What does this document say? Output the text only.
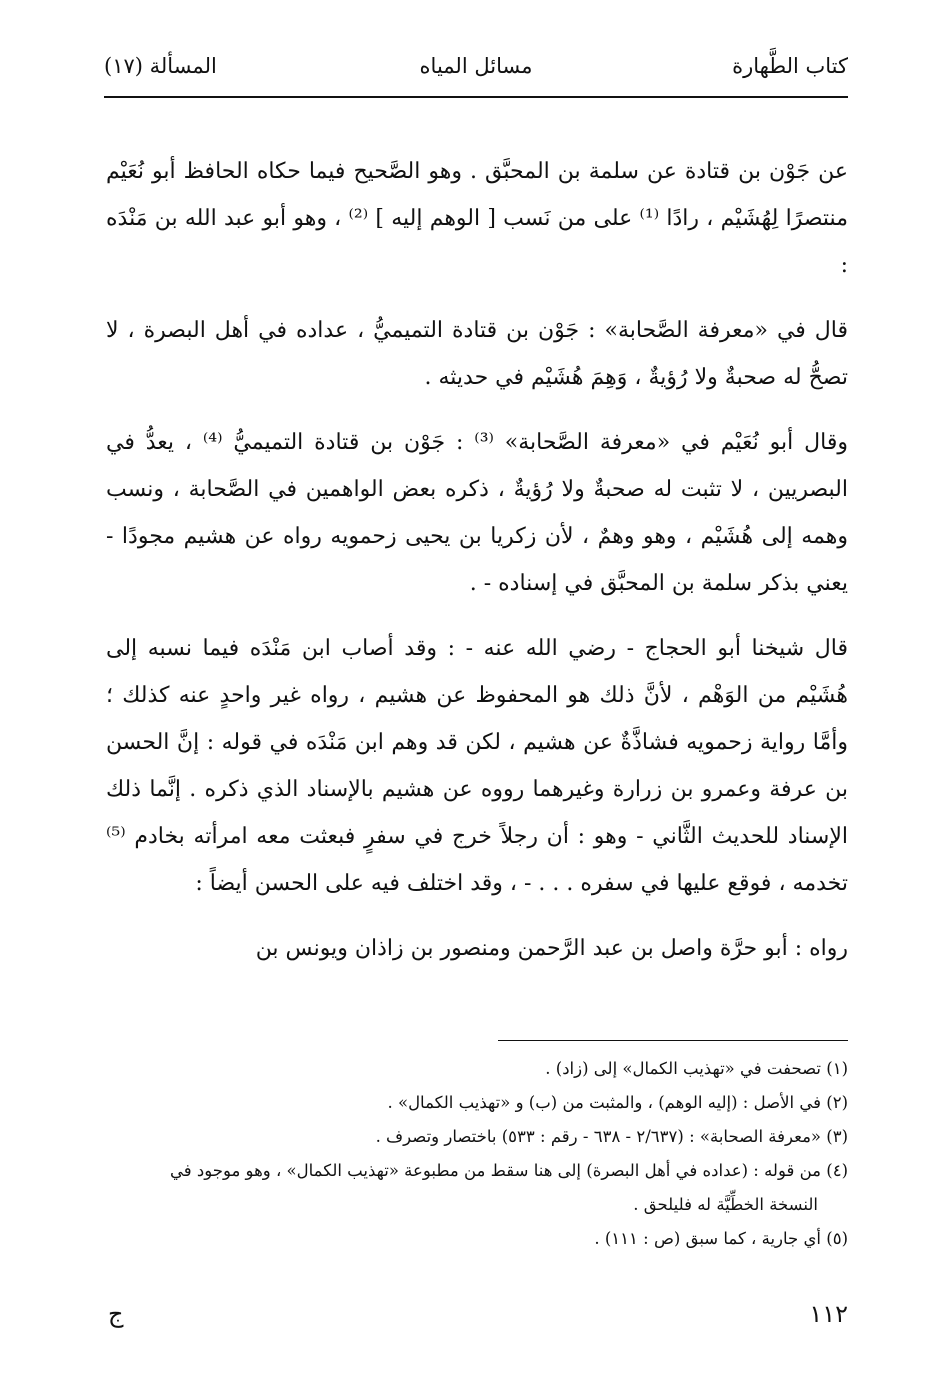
كتاب الطَّهارة
مسائل المياه
المسألة (١٧)

عن جَوْن بن قتادة عن سلمة بن المحبَّق . وهو الصَّحيح فيما حكاه الحافظ أبو نُعَيْم منتصرًا لِهُشَيْم ، رادًا ⁽¹⁾ على من نَسب [ الوهم إليه ] ⁽²⁾ ، وهو أبو عبد الله بن مَنْدَه :

قال في «معرفة الصَّحابة» : جَوْن بن قتادة التميميُّ ، عداده في أهل البصرة ، لا تصحُّ له صحبةٌ ولا رُؤيةٌ ، وَهِمَ هُشَيْم في حديثه .

وقال أبو نُعَيْم في «معرفة الصَّحابة» ⁽³⁾ : جَوْن بن قتادة التميميُّ ⁽⁴⁾ ، يعدُّ في البصريين ، لا تثبت له صحبةٌ ولا رُؤيةٌ ، ذكره بعض الواهمين في الصَّحابة ، ونسب وهمه إلى هُشَيْم ، وهو وهمٌ ، لأن زكريا بن يحيى زحمويه رواه عن هشيم مجودًا - يعني بذكر سلمة بن المحبَّق في إسناده - .

قال شيخنا أبو الحجاج - رضي الله عنه - : وقد أصاب ابن مَنْدَه فيما نسبه إلى هُشَيْم من الوَهْم ، لأنَّ ذلك هو المحفوظ عن هشيم ، رواه غير واحدٍ عنه كذلك ؛ وأمَّا رواية زحمويه فشاذَّةٌ عن هشيم ، لكن قد وهم ابن مَنْدَه في قوله : إنَّ الحسن بن عرفة وعمرو بن زرارة وغيرهما رووه عن هشيم بالإسناد الذي ذكره . إنَّما ذلك الإسناد للحديث الثَّاني - وهو : أن رجلاً خرج في سفرٍ فبعثت معه امرأته بخادم ⁽⁵⁾ تخدمه ، فوقع عليها في سفره . . . - ، وقد اختلف فيه على الحسن أيضاً :

رواه : أبو حرَّة واصل بن عبد الرَّحمن ومنصور بن زاذان ويونس بن

(١) تصحفت في «تهذيب الكمال» إلى (زاد) .
(٢) في الأصل : (إليه الوهم) ، والمثبت من (ب) و «تهذيب الكمال» .
(٣) «معرفة الصحابة» : (٢/٦٣٧ - ٦٣٨ - رقم : ٥٣٣) باختصار وتصرف .
(٤) من قوله : (عداده في أهل البصرة) إلى هنا سقط من مطبوعة «تهذيب الكمال» ، وهو موجود في
النسخة الخطِّيَّة له فليلحق .
(٥) أي جارية ، كما سبق (ص : ١١١) .
١١٢
ج
